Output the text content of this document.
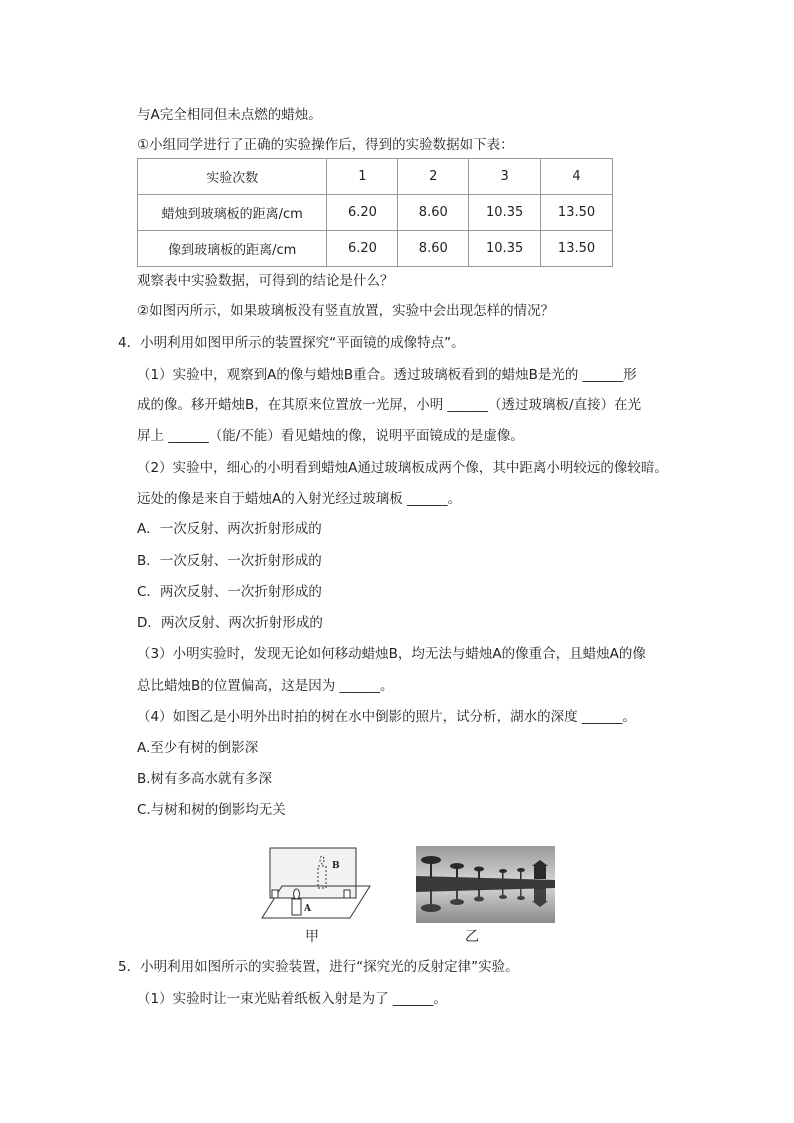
与A完全相同但未点燃的蜡烛。
①小组同学进行了正确的实验操作后，得到的实验数据如下表：
实验次数	1	2	3	4
蜡烛到玻璃板的距离/cm	6.20	8.60	10.35	13.50
像到玻璃板的距离/cm	6.20	8.60	10.35	13.50
观察表中实验数据，可得到的结论是什么？
②如图丙所示，如果玻璃板没有竖直放置，实验中会出现怎样的情况？
4．小明利用如图甲所示的装置探究“平面镜的成像特点”。
（1）实验中，观察到A的像与蜡烛B重合。透过玻璃板看到的蜡烛B是光的 ______形
成的像。移开蜡烛B，在其原来位置放一光屏，小明 ______（透过玻璃板/直接）在光
屏上 ______（能/不能）看见蜡烛的像，说明平面镜成的是虚像。
（2）实验中，细心的小明看到蜡烛A通过玻璃板成两个像，其中距离小明较远的像较暗。
远处的像是来自于蜡烛A的入射光经过玻璃板 ______。
A．一次反射、两次折射形成的
B．一次反射、一次折射形成的
C．两次反射、一次折射形成的
D．两次反射、两次折射形成的
（3）小明实验时，发现无论如何移动蜡烛B，均无法与蜡烛A的像重合，且蜡烛A的像
总比蜡烛B的位置偏高，这是因为 ______。
（4）如图乙是小明外出时拍的树在水中倒影的照片，试分析，湖水的深度 ______。
A.至少有树的倒影深
B.树有多高水就有多深
C.与树和树的倒影均无关
B
A
甲	乙
5．小明利用如图所示的实验装置，进行“探究光的反射定律”实验。
（1）实验时让一束光贴着纸板入射是为了 ______。
